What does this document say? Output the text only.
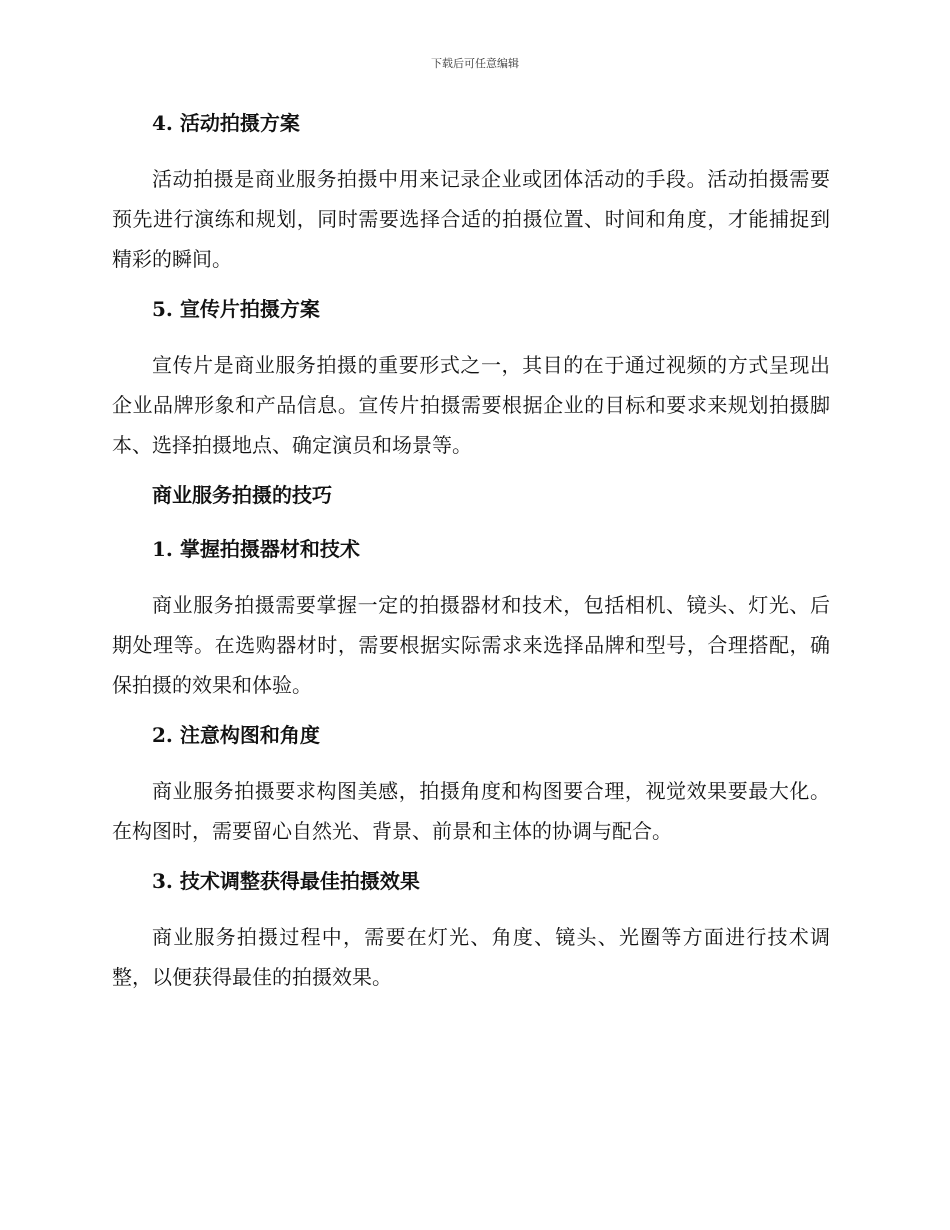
下载后可任意编辑
4. 活动拍摄方案
活动拍摄是商业服务拍摄中用来记录企业或团体活动的手段。活动拍摄需要预先进行演练和规划，同时需要选择合适的拍摄位置、时间和角度，才能捕捉到精彩的瞬间。
5. 宣传片拍摄方案
宣传片是商业服务拍摄的重要形式之一，其目的在于通过视频的方式呈现出企业品牌形象和产品信息。宣传片拍摄需要根据企业的目标和要求来规划拍摄脚本、选择拍摄地点、确定演员和场景等。
商业服务拍摄的技巧
1. 掌握拍摄器材和技术
商业服务拍摄需要掌握一定的拍摄器材和技术，包括相机、镜头、灯光、后期处理等。在选购器材时，需要根据实际需求来选择品牌和型号，合理搭配，确保拍摄的效果和体验。
2. 注意构图和角度
商业服务拍摄要求构图美感，拍摄角度和构图要合理，视觉效果要最大化。在构图时，需要留心自然光、背景、前景和主体的协调与配合。
3. 技术调整获得最佳拍摄效果
商业服务拍摄过程中，需要在灯光、角度、镜头、光圈等方面进行技术调整，以便获得最佳的拍摄效果。
